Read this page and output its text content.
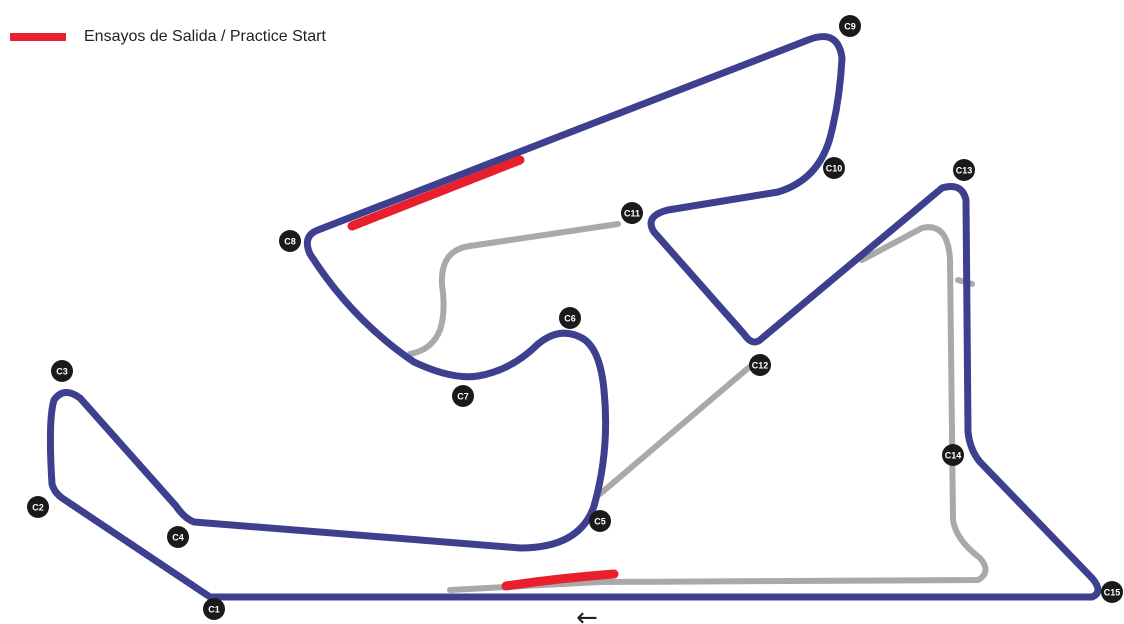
Ensayos de Salida / Practice Start
←
C1
C2
C3
C4
C5
C6
C7
C8
C9
C10
C11
C12
C13
C14
C15
